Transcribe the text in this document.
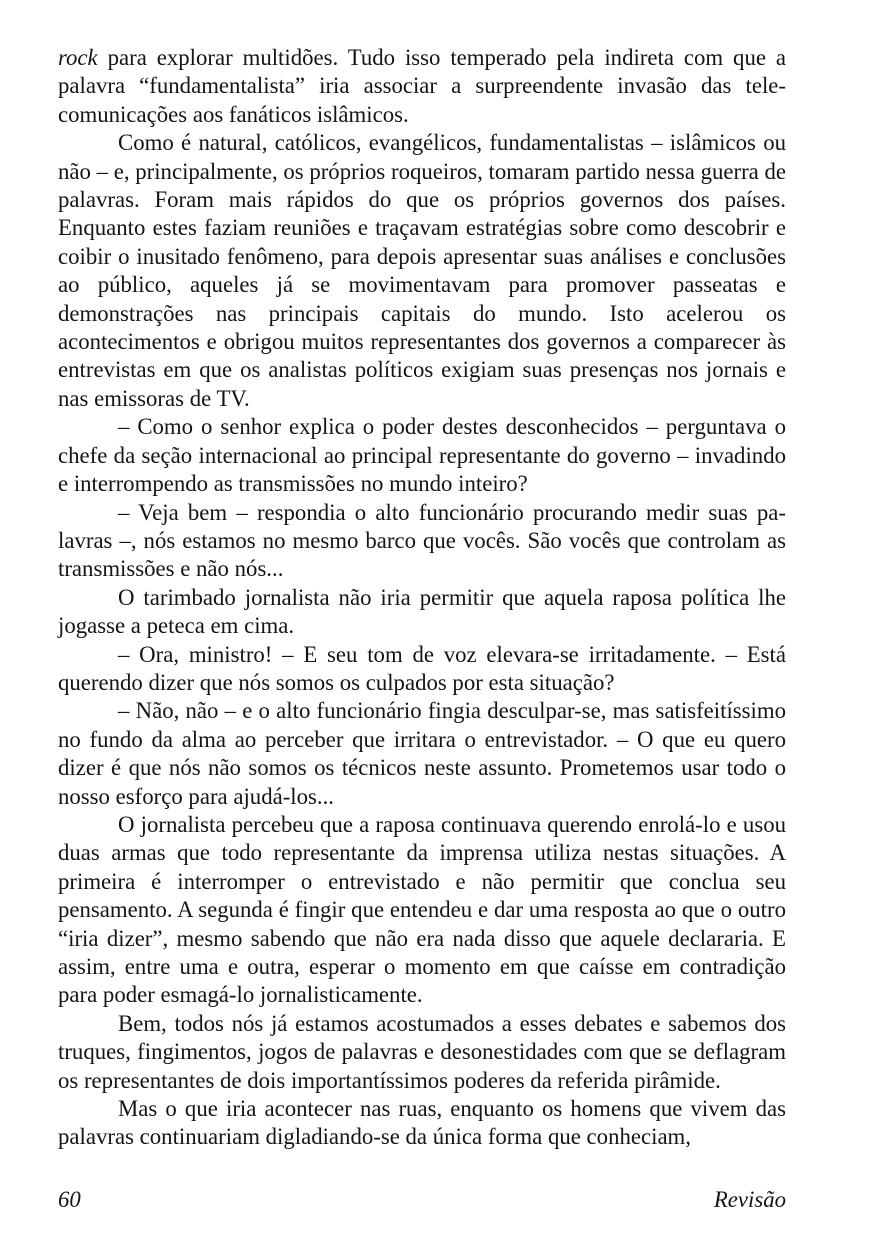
rock para explorar multidões. Tudo isso temperado pela indireta com que a palavra “fundamentalista” iria associar a surpreendente invasão das telecomunicações aos fanáticos islâmicos.

Como é natural, católicos, evangélicos, fundamentalistas – islâmicos ou não – e, principalmente, os próprios roqueiros, tomaram partido nessa guerra de palavras. Foram mais rápidos do que os próprios governos dos países. Enquanto estes faziam reuniões e traçavam estratégias sobre como descobrir e coibir o inusitado fenômeno, para depois apresentar suas análises e conclusões ao público, aqueles já se movimentavam para promover passeatas e demonstrações nas principais capitais do mundo. Isto acelerou os acontecimentos e obrigou muitos representantes dos governos a comparecer às entrevistas em que os analistas políticos exigiam suas presenças nos jornais e nas emissoras de TV.

– Como o senhor explica o poder destes desconhecidos – perguntava o chefe da seção internacional ao principal representante do governo – invadindo e interrompendo as transmissões no mundo inteiro?

– Veja bem – respondia o alto funcionário procurando medir suas palavras –, nós estamos no mesmo barco que vocês. São vocês que controlam as transmissões e não nós...

O tarimbado jornalista não iria permitir que aquela raposa política lhe jogasse a peteca em cima.

– Ora, ministro! – E seu tom de voz elevara-se irritadamente. – Está querendo dizer que nós somos os culpados por esta situação?

– Não, não – e o alto funcionário fingia desculpar-se, mas satisfeitíssimo no fundo da alma ao perceber que irritara o entrevistador. – O que eu quero dizer é que nós não somos os técnicos neste assunto. Prometemos usar todo o nosso esforço para ajudá-los...

O jornalista percebeu que a raposa continuava querendo enrolá-lo e usou duas armas que todo representante da imprensa utiliza nestas situações. A primeira é interromper o entrevistado e não permitir que conclua seu pensamento. A segunda é fingir que entendeu e dar uma resposta ao que o outro “iria dizer”, mesmo sabendo que não era nada disso que aquele declararia. E assim, entre uma e outra, esperar o momento em que caísse em contradição para poder esmagá-lo jornalisticamente.

Bem, todos nós já estamos acostumados a esses debates e sabemos dos truques, fingimentos, jogos de palavras e desonestidades com que se deflagram os representantes de dois importantíssimos poderes da referida pirâmide.

Mas o que iria acontecer nas ruas, enquanto os homens que vivem das palavras continuariam digladiando-se da única forma que conheciam,

60	Revisão
